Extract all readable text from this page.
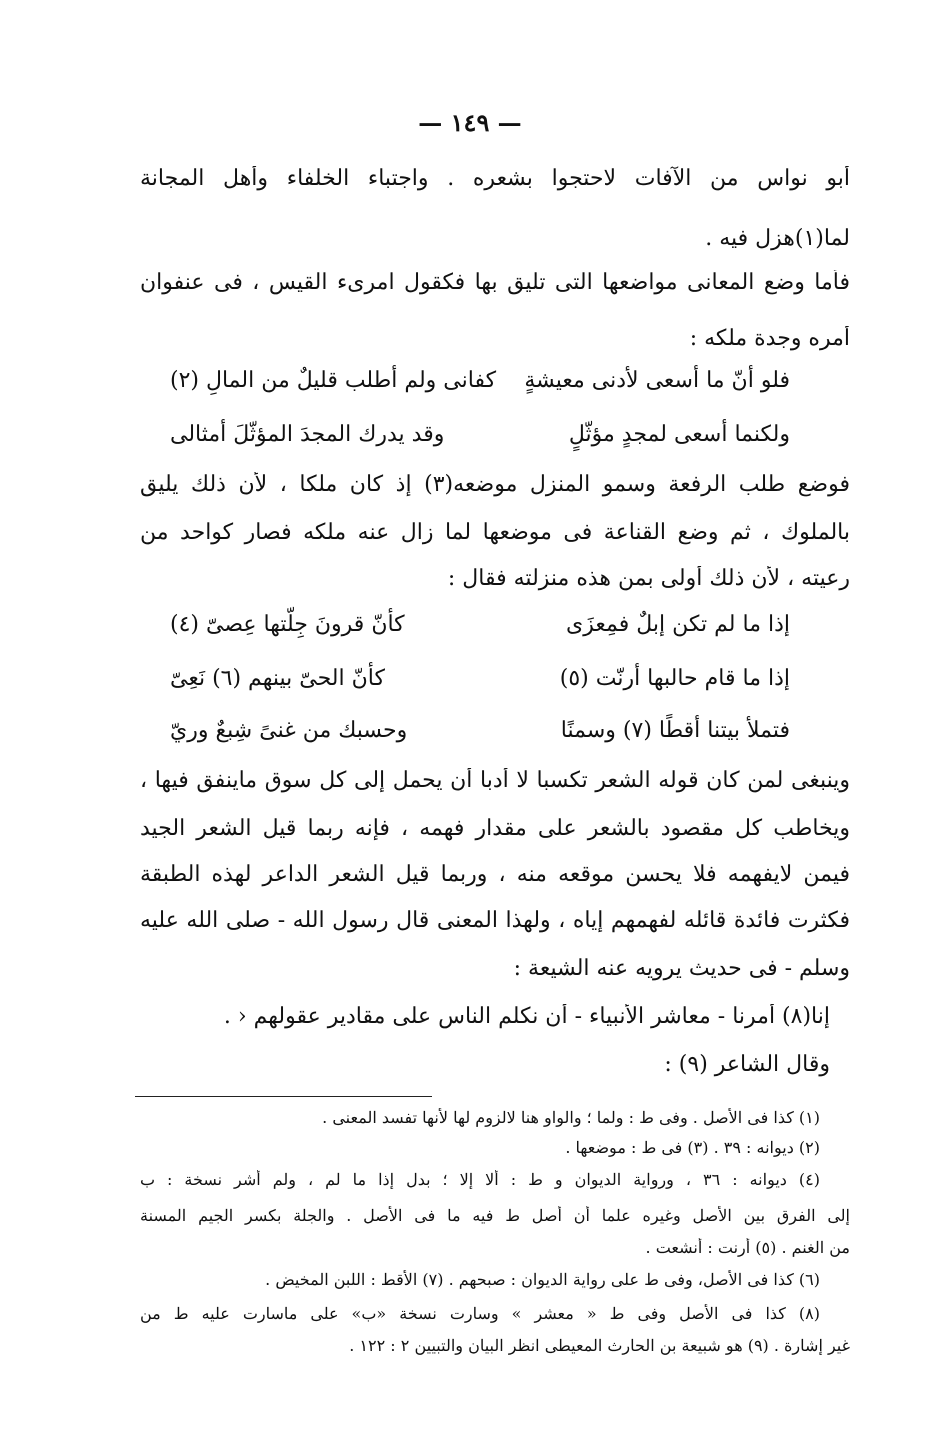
— ١٤٩ —
أبو نواس من الآفات لاحتجوا بشعره . واجتباء الخلفاء وأهل المجانة
لما(١)هزل فيه .
فأما وضع المعانى مواضعها التى تليق بها فكقول امرىء القيس ، فى عنفوان
أمره وجدة ملكه :
فلو أنّ ما أسعى لأدنى معيشةٍ
كفانى ولم أطلب قليلٌ من المالِ (٢)
ولكنما أسعى لمجدٍ مؤثّلٍ
وقد يدرك المجدَ المؤثّلَ أمثالى
فوضع طلب الرفعة وسمو المنزل موضعه(٣) إذ كان ملكا ، لأن ذلك يليق
بالملوك ، ثم وضع القناعة فى موضعها لما زال عنه ملكه فصار كواحد من
رعيته ، لأن ذلك أولى بمن هذه منزلته فقال :
إذا ما لم تكن إبلٌ فمِعزَى
كأنّ قرونَ جِلّتها عِصىّ (٤)
إذا ما قام حالبها أرنّت (٥)
كأنّ الحىّ بينهم (٦) نَعِىّ
فتملأ بيتنا أقطًا (٧) وسمنًا
وحسبك من غنىً شِبعٌ وريّ
وينبغى لمن كان قوله الشعر تكسبا لا أدبا أن يحمل إلى كل سوق ماينفق فيها ،
ويخاطب كل مقصود بالشعر على مقدار فهمه ، فإنه ربما قيل الشعر الجيد
فيمن لايفهمه فلا يحسن موقعه منه ، وربما قيل الشعر الداعر لهذه الطبقة
فكثرت فائدة قائله لفهمهم إياه ، ولهذا المعنى قال رسول الله - صلى الله عليه
وسلم - فى حديث يرويه عنه الشيعة :
إنا(٨) أمرنا - معاشر الأنبياء - أن نكلم الناس على مقادير عقولهم ‹ .
وقال الشاعر (٩) :
(١) كذا فى الأصل . وفى ط : ولما ؛ والواو هنا لالزوم لها لأنها تفسد المعنى .
(٢) ديوانه : ٣٩ . (٣) فى ط : موضعها .
(٤) ديوانه : ٣٦ ، ورواية الديوان و ط : ألا إلا ؛ بدل إذا ما لم ، ولم أشر نسخة : ب
إلى الفرق بين الأصل وغيره علما أن أصل ط فيه ما فى الأصل . والجلة بكسر الجيم المسنة
من الغنم . (٥) أرنت : أنشعت .
(٦) كذا فى الأصل، وفى ط على رواية الديوان : صبحهم . (٧) الأقط : اللبن المخيض .
(٨) كذا فى الأصل وفى ط « معشر » وسارت نسخة «ب» على ماسارت عليه ط من
غير إشارة . (٩) هو شبيعة بن الحارث المعيطى انظر البيان والتبيين ٢ : ١٢٢ .
